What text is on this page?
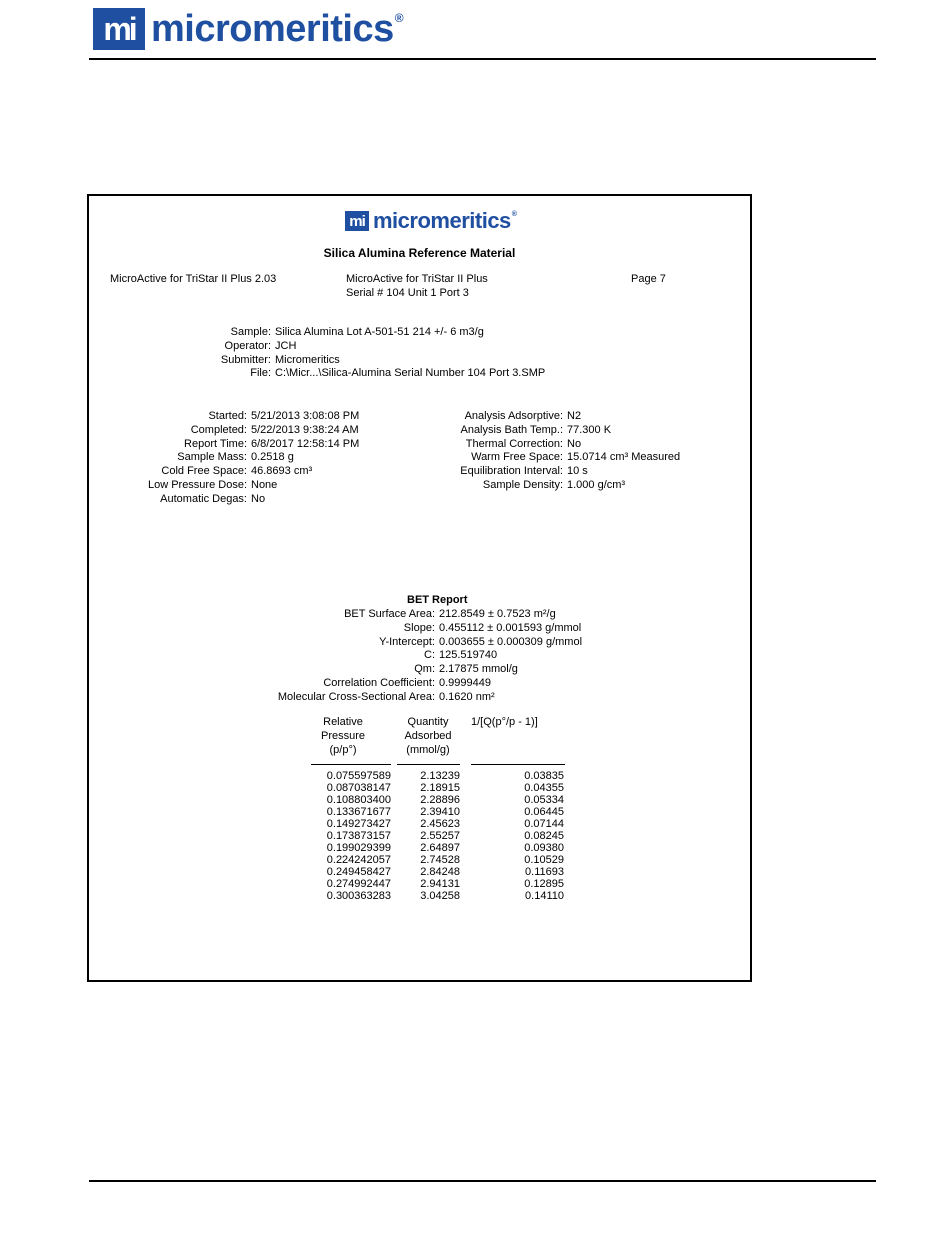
mi micromeritics®
mi micromeritics®
Silica Alumina Reference Material
MicroActive for TriStar II Plus 2.03	MicroActive for TriStar II Plus
Serial # 104 Unit 1 Port 3
Page 7
Sample: Silica Alumina Lot A-501-51 214 +/- 6 m3/g
Operator: JCH
Submitter: Micromeritics
File: C:\Micr...\Silica-Alumina Serial Number 104 Port 3.SMP
Started: 5/21/2013 3:08:08 PM
Completed: 5/22/2013 9:38:24 AM
Report Time: 6/8/2017 12:58:14 PM
Sample Mass: 0.2518 g
Cold Free Space: 46.8693 cm³
Low Pressure Dose: None
Automatic Degas: No
Analysis Adsorptive: N2
Analysis Bath Temp.: 77.300 K
Thermal Correction: No
Warm Free Space: 15.0714 cm³ Measured
Equilibration Interval: 10 s
Sample Density: 1.000 g/cm³
BET Report
BET Surface Area: 212.8549 ± 0.7523 m²/g
Slope: 0.455112 ± 0.001593 g/mmol
Y-Intercept: 0.003655 ± 0.000309 g/mmol
C: 125.519740
Qm: 2.17875 mmol/g
Correlation Coefficient: 0.9999449
Molecular Cross-Sectional Area: 0.1620 nm²
Relative
Pressure
(p/p°)
Quantity
Adsorbed
(mmol/g)
1/[Q(p°/p - 1)]
0.075597589	2.13239	0.03835
0.087038147	2.18915	0.04355
0.108803400	2.28896	0.05334
0.133671677	2.39410	0.06445
0.149273427	2.45623	0.07144
0.173873157	2.55257	0.08245
0.199029399	2.64897	0.09380
0.224242057	2.74528	0.10529
0.249458427	2.84248	0.11693
0.274992447	2.94131	0.12895
0.300363283	3.04258	0.14110
